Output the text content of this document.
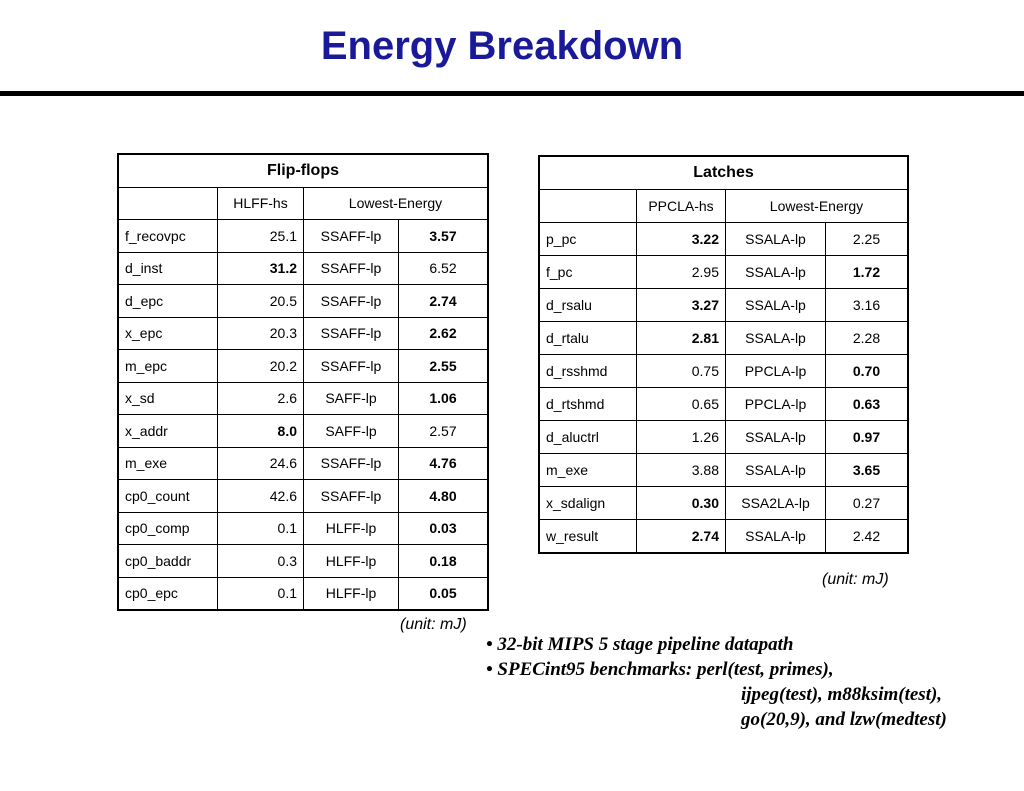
Energy Breakdown
Flip-flops			
	HLFF-hs	Lowest-Energy	
f_recovpc	25.1	SSAFF-lp	3.57
d_inst	31.2	SSAFF-lp	6.52
d_epc	20.5	SSAFF-lp	2.74
x_epc	20.3	SSAFF-lp	2.62
m_epc	20.2	SSAFF-lp	2.55
x_sd	2.6	SAFF-lp	1.06
x_addr	8.0	SAFF-lp	2.57
m_exe	24.6	SSAFF-lp	4.76
cp0_count	42.6	SSAFF-lp	4.80
cp0_comp	0.1	HLFF-lp	0.03
cp0_baddr	0.3	HLFF-lp	0.18
cp0_epc	0.1	HLFF-lp	0.05
Latches			
	PPCLA-hs	Lowest-Energy	
p_pc	3.22	SSALA-lp	2.25
f_pc	2.95	SSALA-lp	1.72
d_rsalu	3.27	SSALA-lp	3.16
d_rtalu	2.81	SSALA-lp	2.28
d_rsshmd	0.75	PPCLA-lp	0.70
d_rtshmd	0.65	PPCLA-lp	0.63
d_aluctrl	1.26	SSALA-lp	0.97
m_exe	3.88	SSALA-lp	3.65
x_sdalign	0.30	SSA2LA-lp	0.27
w_result	2.74	SSALA-lp	2.42
(unit: mJ)
(unit: mJ)
• 32-bit MIPS 5 stage pipeline datapath
• SPECint95 benchmarks: perl(test, primes),
ijpeg(test), m88ksim(test),
go(20,9), and lzw(medtest)
